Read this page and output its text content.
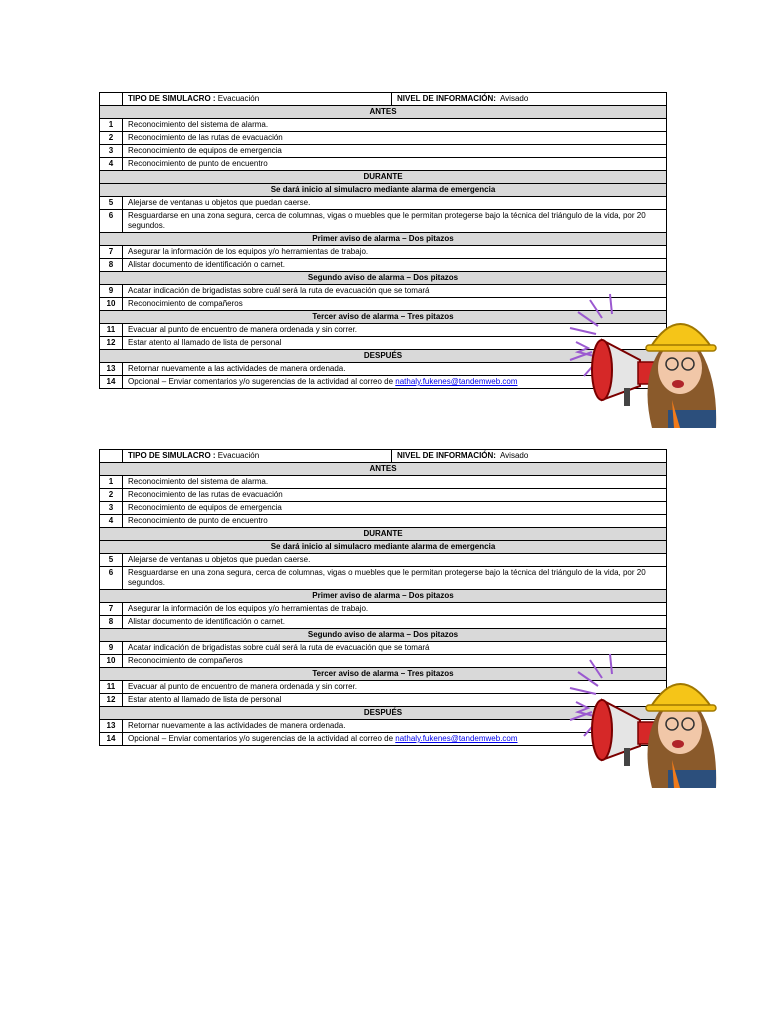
	TIPO DE SIMULACRO : Evacuación	NIVEL DE INFORMACIÓN: Avisado
ANTES		
1	Reconocimiento del sistema de alarma.	
2	Reconocimiento de las rutas de evacuación	
3	Reconocimiento de equipos de emergencia	
4	Reconocimiento de punto de encuentro	
DURANTE		
Se dará inicio al simulacro mediante alarma de emergencia		
5	Alejarse de ventanas u objetos que puedan caerse.	
6	Resguardarse en una zona segura, cerca de columnas, vigas o muebles que le permitan protegerse bajo la técnica del triángulo de la vida, por 20 segundos.	
Primer aviso de alarma – Dos pitazos		
7	Asegurar la información de los equipos y/o herramientas de trabajo.	
8	Alistar documento de identificación o carnet.	
Segundo aviso de alarma – Dos pitazos		
9	Acatar indicación de brigadistas sobre cuál será la ruta de evacuación que se tomará	
10	Reconocimiento de compañeros	
Tercer aviso de alarma – Tres pitazos		
11	Evacuar al punto de encuentro de manera ordenada y sin correr.	
12	Estar atento al llamado de lista de personal	
DESPUÉS		
13	Retornar nuevamente a las actividades de manera ordenada.	
14	Opcional – Enviar comentarios y/o sugerencias de la actividad al correo de nathaly.fukenes@tandemweb.com	
	TIPO DE SIMULACRO : Evacuación	NIVEL DE INFORMACIÓN: Avisado
ANTES		
1	Reconocimiento del sistema de alarma.	
2	Reconocimiento de las rutas de evacuación	
3	Reconocimiento de equipos de emergencia	
4	Reconocimiento de punto de encuentro	
DURANTE		
Se dará inicio al simulacro mediante alarma de emergencia		
5	Alejarse de ventanas u objetos que puedan caerse.	
6	Resguardarse en una zona segura, cerca de columnas, vigas o muebles que le permitan protegerse bajo la técnica del triángulo de la vida, por 20 segundos.	
Primer aviso de alarma – Dos pitazos		
7	Asegurar la información de los equipos y/o herramientas de trabajo.	
8	Alistar documento de identificación o carnet.	
Segundo aviso de alarma – Dos pitazos		
9	Acatar indicación de brigadistas sobre cuál será la ruta de evacuación que se tomará	
10	Reconocimiento de compañeros	
Tercer aviso de alarma – Tres pitazos		
11	Evacuar al punto de encuentro de manera ordenada y sin correr.	
12	Estar atento al llamado de lista de personal	
DESPUÉS		
13	Retornar nuevamente a las actividades de manera ordenada.	
14	Opcional – Enviar comentarios y/o sugerencias de la actividad al correo de nathaly.fukenes@tandemweb.com	
